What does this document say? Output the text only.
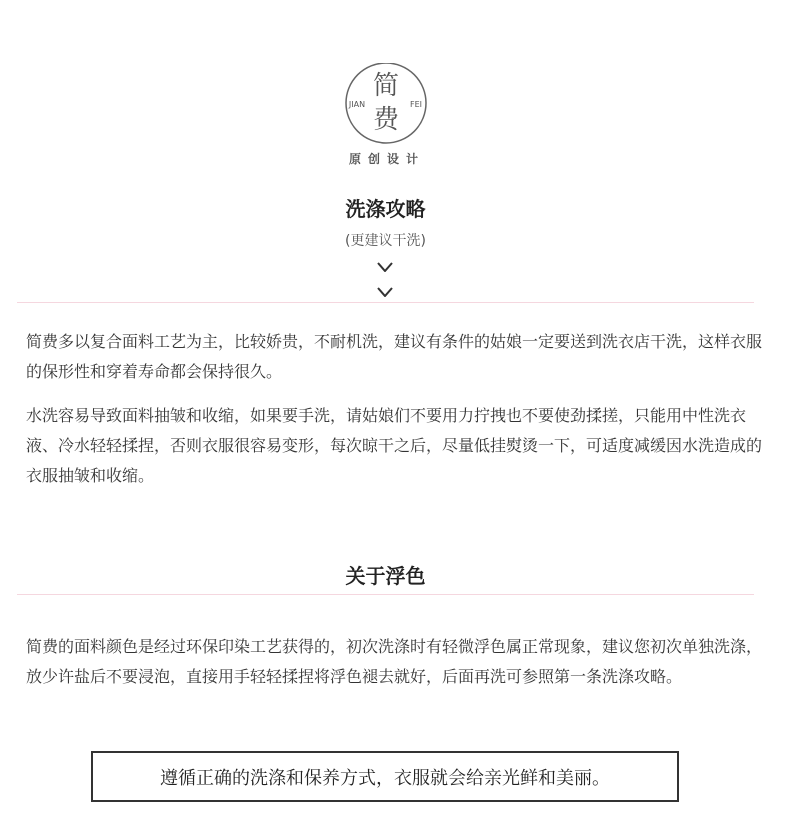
简
费
JIAN	FEI
原创设计
洗涤攻略
(更建议干洗)

简费多以复合面料工艺为主，比较娇贵，不耐机洗，建议有条件的姑娘一定要送到洗衣店干洗，这样衣服的保形性和穿着寿命都会保持很久。

水洗容易导致面料抽皱和收缩，如果要手洗，请姑娘们不要用力拧拽也不要使劲揉搓，只能用中性洗衣液、冷水轻轻揉捏，否则衣服很容易变形，每次晾干之后，尽量低挂熨烫一下，可适度减缓因水洗造成的衣服抽皱和收缩。

关于浮色

简费的面料颜色是经过环保印染工艺获得的，初次洗涤时有轻微浮色属正常现象，建议您初次单独洗涤，放少许盐后不要浸泡，直接用手轻轻揉捏将浮色褪去就好，后面再洗可参照第一条洗涤攻略。

遵循正确的洗涤和保养方式，衣服就会给亲光鲜和美丽。
